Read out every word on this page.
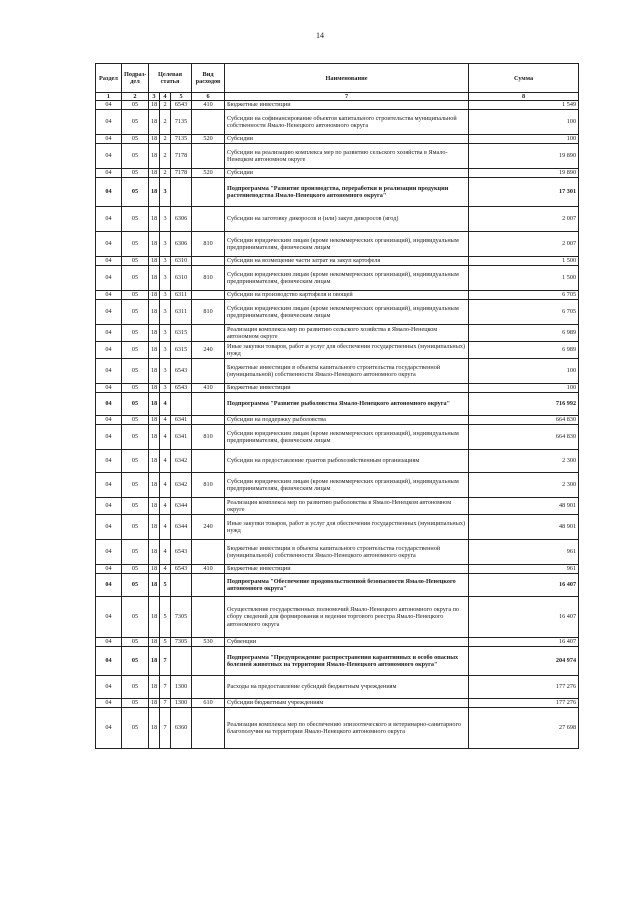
14
Раздел	Подраз-дел	Целевая статья			Вид расходов	Наименование	Сумма
1	2	3	4	5	6	7	8
04	05	18	2	6543	410	Бюджетные инвестиции	1 549
04	05	18	2	7135		Субсидии на софинансирование объектов капитального строительства муниципальной собственности Ямало-Ненецкого автономного округа	100
04	05	18	2	7135	520	Субсидии	100
04	05	18	2	7178		Субсидии на реализацию комплекса мер по развитию сельского хозяйства в Ямало-Ненецком автономном округе	19 890
04	05	18	2	7178	520	Субсидии	19 890
04	05	18	3			Подпрограмма "Развитие производства, переработки и реализации продукции растениеводства Ямало-Ненецкого автономного округа"	17 301
04	05	18	3	6306		Субсидии на заготовку дикоросов и (или) закуп дикоросов (ягод)	2 007
04	05	18	3	6306	810	Субсидии юридическим лицам (кроме некоммерческих организаций), индивидуальным предпринимателям, физическим лицам	2 007
04	05	18	3	6310		Субсидии на возмещение части затрат на закуп картофеля	1 500
04	05	18	3	6310	810	Субсидии юридическим лицам (кроме некоммерческих организаций), индивидуальным предпринимателям, физическим лицам	1 500
04	05	18	3	6311		Субсидии на производство картофеля и овощей	6 705
04	05	18	3	6311	810	Субсидии юридическим лицам (кроме некоммерческих организаций), индивидуальным предпринимателям, физическим лицам	6 705
04	05	18	3	6315		Реализация комплекса мер по развитию сельского хозяйства в Ямало-Ненецком автономном округе	6 989
04	05	18	3	6315	240	Иные закупки товаров, работ и услуг для обеспечения государственных (муниципальных) нужд	6 989
04	05	18	3	6543		Бюджетные инвестиции в объекты капитального строительства государственной (муниципальной) собственности Ямало-Ненецкого автономного округа	100
04	05	18	3	6543	410	Бюджетные инвестиции	100
04	05	18	4			Подпрограмма "Развитие рыболовства Ямало-Ненецкого автономного округа"	716 992
04	05	18	4	6341		Субсидии на поддержку рыболовства	664 830
04	05	18	4	6341	810	Субсидии юридическим лицам (кроме некоммерческих организаций), индивидуальным предпринимателям, физическим лицам	664 830
04	05	18	4	6342		Субсидии на предоставление грантов рыбохозяйственным организациям	2 300
04	05	18	4	6342	810	Субсидии юридическим лицам (кроме некоммерческих организаций), индивидуальным предпринимателям, физическим лицам	2 300
04	05	18	4	6344		Реализация комплекса мер по развитию рыболовства в Ямало-Ненецком автономном округе	48 901
04	05	18	4	6344	240	Иные закупки товаров, работ и услуг для обеспечения государственных (муниципальных) нужд	48 901
04	05	18	4	6543		Бюджетные инвестиции в объекты капитального строительства государственной (муниципальной) собственности Ямало-Ненецкого автономного округа	961
04	05	18	4	6543	410	Бюджетные инвестиции	961
04	05	18	5			Подпрограмма "Обеспечение продовольственной безопасности Ямало-Ненецкого автономного округа"	16 407
04	05	18	5	7305		Осуществление государственных полномочий Ямало-Ненецкого автономного округа по сбору сведений для формирования и ведения торгового реестра Ямало-Ненецкого автономного округа	16 407
04	05	18	5	7305	530	Субвенции	16 407
04	05	18	7			Подпрограмма "Предупреждение распространения карантинных и особо опасных болезней животных на территории Ямало-Ненецкого автономного округа"	204 974
04	05	18	7	1300		Расходы на предоставление субсидий бюджетным учреждениям	177 276
04	05	18	7	1300	610	Субсидии бюджетным учреждениям	177 276
04	05	18	7	6360		Реализация комплекса мер по обеспечению эпизоотического и ветеринарно-санитарного благополучия на территории Ямало-Ненецкого автономного округа	27 698
